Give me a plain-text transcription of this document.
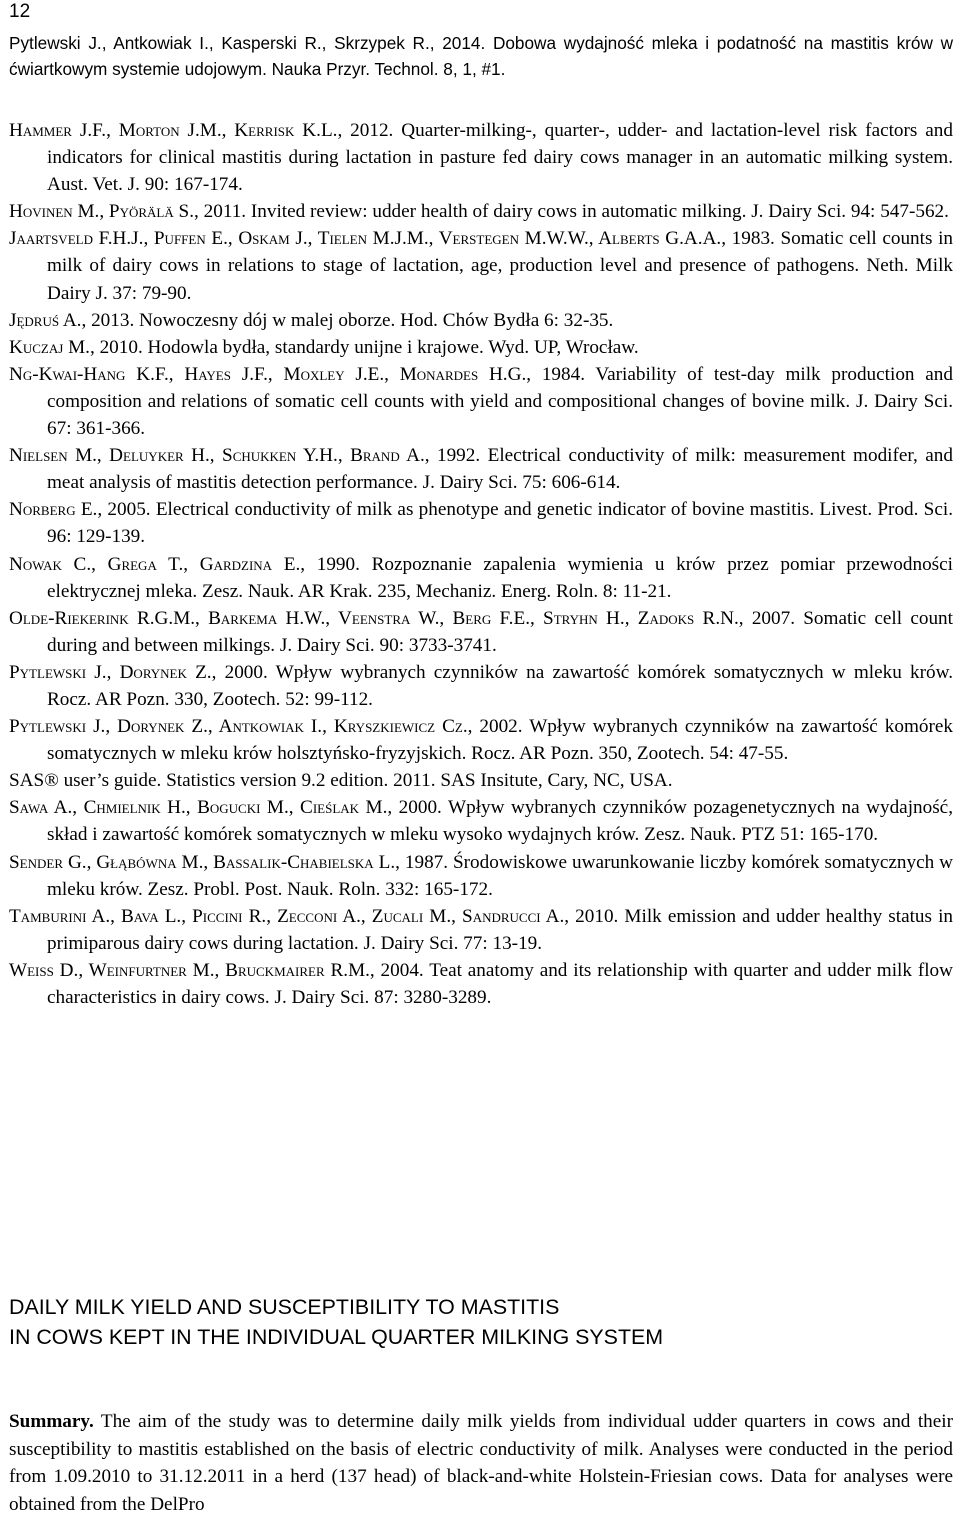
12
Pytlewski J., Antkowiak I., Kasperski R., Skrzypek R., 2014. Dobowa wydajność mleka i podatność na mastitis krów w ćwiartkowym systemie udojowym. Nauka Przyr. Technol. 8, 1, #1.

Hammer J.F., Morton J.M., Kerrisk K.L., 2012. Quarter-milking-, quarter-, udder- and lactation-level risk factors and indicators for clinical mastitis during lactation in pasture fed dairy cows manager in an automatic milking system. Aust. Vet. J. 90: 167-174.

Hovinen M., Pyörälä S., 2011. Invited review: udder health of dairy cows in automatic milking. J. Dairy Sci. 94: 547-562.

Jaartsveld F.H.J., Puffen E., Oskam J., Tielen M.J.M., Verstegen M.W.W., Alberts G.A.A., 1983. Somatic cell counts in milk of dairy cows in relations to stage of lactation, age, production level and presence of pathogens. Neth. Milk Dairy J. 37: 79-90.

Jędruś A., 2013. Nowoczesny dój w malej oborze. Hod. Chów Bydła 6: 32-35.

Kuczaj M., 2010. Hodowla bydła, standardy unijne i krajowe. Wyd. UP, Wrocław.

Ng-Kwai-Hang K.F., Hayes J.F., Moxley J.E., Monardes H.G., 1984. Variability of test-day milk production and composition and relations of somatic cell counts with yield and compositional changes of bovine milk. J. Dairy Sci. 67: 361-366.

Nielsen M., Deluyker H., Schukken Y.H., Brand A., 1992. Electrical conductivity of milk: measurement modifer, and meat analysis of mastitis detection performance. J. Dairy Sci. 75: 606-614.

Norberg E., 2005. Electrical conductivity of milk as phenotype and genetic indicator of bovine mastitis. Livest. Prod. Sci. 96: 129-139.

Nowak C., Grega T., Gardzina E., 1990. Rozpoznanie zapalenia wymienia u krów przez pomiar przewodności elektrycznej mleka. Zesz. Nauk. AR Krak. 235, Mechaniz. Energ. Roln. 8: 11-21.

Olde-Riekerink R.G.M., Barkema H.W., Veenstra W., Berg F.E., Stryhn H., Zadoks R.N., 2007. Somatic cell count during and between milkings. J. Dairy Sci. 90: 3733-3741.

Pytlewski J., Dorynek Z., 2000. Wpływ wybranych czynników na zawartość komórek somatycznych w mleku krów. Rocz. AR Pozn. 330, Zootech. 52: 99-112.

Pytlewski J., Dorynek Z., Antkowiak I., Kryszkiewicz Cz., 2002. Wpływ wybranych czynników na zawartość komórek somatycznych w mleku krów holsztyńsko-fryzyjskich. Rocz. AR Pozn. 350, Zootech. 54: 47-55.

SAS® user’s guide. Statistics version 9.2 edition. 2011. SAS Insitute, Cary, NC, USA.

Sawa A., Chmielnik H., Bogucki M., Cieślak M., 2000. Wpływ wybranych czynników pozagenetycznych na wydajność, skład i zawartość komórek somatycznych w mleku wysoko wydajnych krów. Zesz. Nauk. PTZ 51: 165-170.

Sender G., Głąbówna M., Bassalik-Chabielska L., 1987. Środowiskowe uwarunkowanie liczby komórek somatycznych w mleku krów. Zesz. Probl. Post. Nauk. Roln. 332: 165-172.

Tamburini A., Bava L., Piccini R., Zecconi A., Zucali M., Sandrucci A., 2010. Milk emission and udder healthy status in primiparous dairy cows during lactation. J. Dairy Sci. 77: 13-19.

Weiss D., Weinfurtner M., Bruckmairer R.M., 2004. Teat anatomy and its relationship with quarter and udder milk flow characteristics in dairy cows. J. Dairy Sci. 87: 3280-3289.

DAILY MILK YIELD AND SUSCEPTIBILITY TO MASTITIS
IN COWS KEPT IN THE INDIVIDUAL QUARTER MILKING SYSTEM
Summary. The aim of the study was to determine daily milk yields from individual udder quarters in cows and their susceptibility to mastitis established on the basis of electric conductivity of milk. Analyses were conducted in the period from 1.09.2010 to 31.12.2011 in a herd (137 head) of black-and-white Holstein-Friesian cows. Data for analyses were obtained from the DelPro
